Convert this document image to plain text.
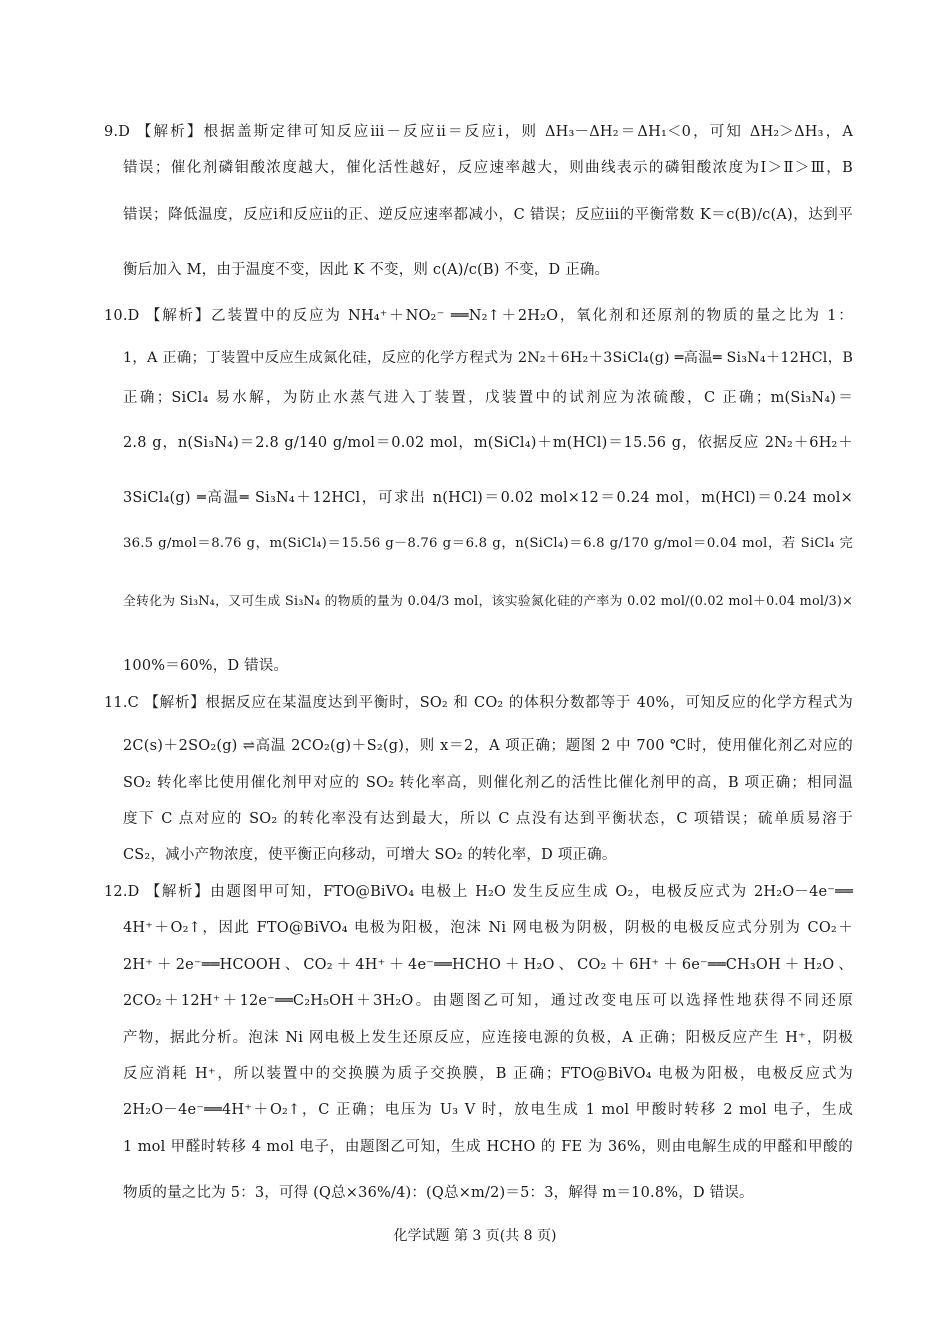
9.D 【解析】根据盖斯定律可知反应ⅲ－反应ⅱ＝反应ⅰ，则 ΔH₃－ΔH₂＝ΔH₁＜0，可知 ΔH₂＞ΔH₃，A
错误；催化剂磷钼酸浓度越大，催化活性越好，反应速率越大，则曲线表示的磷钼酸浓度为Ⅰ＞Ⅱ＞Ⅲ，B
错误；降低温度，反应ⅰ和反应ⅱ的正、逆反应速率都减小，C 错误；反应ⅲ的平衡常数 K＝c(B)/c(A)，达到平
衡后加入 M，由于温度不变，因此 K 不变，则 c(A)/c(B) 不变，D 正确。
10.D 【解析】乙装置中的反应为 NH₄⁺＋NO₂⁻ ══N₂↑＋2H₂O，氧化剂和还原剂的物质的量之比为 1：
1，A 正确；丁装置中反应生成氮化硅，反应的化学方程式为 2N₂＋6H₂＋3SiCl₄(g) ═高温═ Si₃N₄＋12HCl，B
正确；SiCl₄ 易水解，为防止水蒸气进入丁装置，戊装置中的试剂应为浓硫酸，C 正确；m(Si₃N₄)＝
2.8 g，n(Si₃N₄)＝2.8 g/140 g/mol＝0.02 mol，m(SiCl₄)＋m(HCl)＝15.56 g，依据反应 2N₂＋6H₂＋
3SiCl₄(g) ═高温═ Si₃N₄＋12HCl，可求出 n(HCl)＝0.02 mol×12＝0.24 mol，m(HCl)＝0.24 mol×
36.5 g/mol＝8.76 g，m(SiCl₄)＝15.56 g－8.76 g＝6.8 g，n(SiCl₄)＝6.8 g/170 g/mol＝0.04 mol，若 SiCl₄ 完
全转化为 Si₃N₄，又可生成 Si₃N₄ 的物质的量为 0.04/3 mol，该实验氮化硅的产率为 0.02 mol/(0.02 mol＋0.04 mol/3)×
100%＝60%，D 错误。
11.C 【解析】根据反应在某温度达到平衡时，SO₂ 和 CO₂ 的体积分数都等于 40%，可知反应的化学方程式为
2C(s)＋2SO₂(g) ⇌高温 2CO₂(g)＋S₂(g)，则 x＝2，A 项正确；题图 2 中 700 ℃时，使用催化剂乙对应的
SO₂ 转化率比使用催化剂甲对应的 SO₂ 转化率高，则催化剂乙的活性比催化剂甲的高，B 项正确；相同温
度下 C 点对应的 SO₂ 的转化率没有达到最大，所以 C 点没有达到平衡状态，C 项错误；硫单质易溶于
CS₂，减小产物浓度，使平衡正向移动，可增大 SO₂ 的转化率，D 项正确。
12.D 【解析】由题图甲可知，FTO@BiVO₄ 电极上 H₂O 发生反应生成 O₂，电极反应式为 2H₂O－4e⁻══
4H⁺＋O₂↑，因此 FTO@BiVO₄ 电极为阳极，泡沫 Ni 网电极为阴极，阴极的电极反应式分别为 CO₂＋
2H⁺＋2e⁻══HCOOH、CO₂＋4H⁺＋4e⁻══HCHO＋H₂O、CO₂＋6H⁺＋6e⁻══CH₃OH＋H₂O、
2CO₂＋12H⁺＋12e⁻══C₂H₅OH＋3H₂O。由题图乙可知，通过改变电压可以选择性地获得不同还原
产物，据此分析。泡沫 Ni 网电极上发生还原反应，应连接电源的负极，A 正确；阳极反应产生 H⁺，阴极
反应消耗 H⁺，所以装置中的交换膜为质子交换膜，B 正确；FTO@BiVO₄ 电极为阳极，电极反应式为
2H₂O－4e⁻══4H⁺＋O₂↑，C 正确；电压为 U₃ V 时，放电生成 1 mol 甲酸时转移 2 mol 电子，生成
1 mol 甲醛时转移 4 mol 电子，由题图乙可知，生成 HCHO 的 FE 为 36%，则由电解生成的甲醛和甲酸的
物质的量之比为 5：3，可得 (Q总×36%/4)：(Q总×m/2)＝5：3，解得 m＝10.8%，D 错误。
化学试题 第 3 页(共 8 页)
